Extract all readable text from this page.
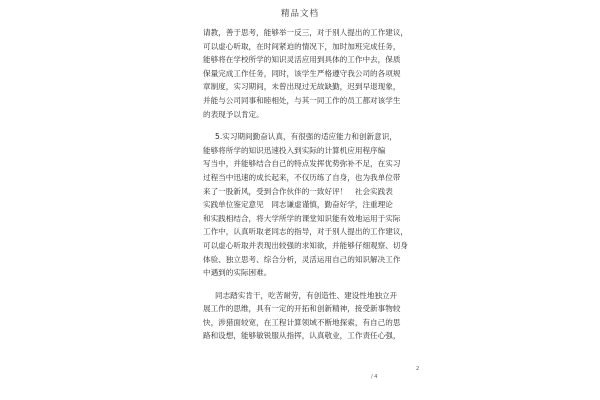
精品文档
请教，善于思考，能够举一反三，对于别人提出的工作建议，
可以虚心听取，在时间紧迫的情况下，加时加班完成任务，
能够将在学校所学的知识灵活应用到具体的工作中去，保质
保量完成工作任务，同时，该学生严格遵守我公司的各项规
章制度，实习期间，未曾出现过无故缺勤，迟到早退现象，
并能与公司同事和睦相处，与其一同工作的员工都对该学生
的表现予以肯定。
5.实习期间勤奋认真，有很强的适应能力和创新意识，
能够将所学的知识迅速投入到实际的计算机应用程序编
写当中，并能够结合自己的特点发挥优势弥补不足，在实习
过程当中迅速的成长起来，不仅历练了自身，也为我单位带
来了一股新风，受到合作伙伴的一致好评！　社会实践表
实践单位鉴定意见　同志谦虚谨慎，勤奋好学，注重理论
和实践相结合，将大学所学的课堂知识能有效地运用于实际
工作中，认真听取老同志的指导，对于别人提出的工作建议，
可以虚心听取并表现出较强的求知欲，并能够仔细观察、切身
体验、独立思考、综合分析，灵活运用自己的知识解决工作
中遇到的实际困难。
同志踏实肯干，吃苦耐劳，有创造性、建设性地独立开
展工作的思维，具有一定的开拓和创新精神，接受新事物较
快，涉猎面较宽，在工程计算领域不断地探索，有自己的思
路和设想，能够敏锐服从指挥，认真敬业，工作责任心强，
/ 4
2
